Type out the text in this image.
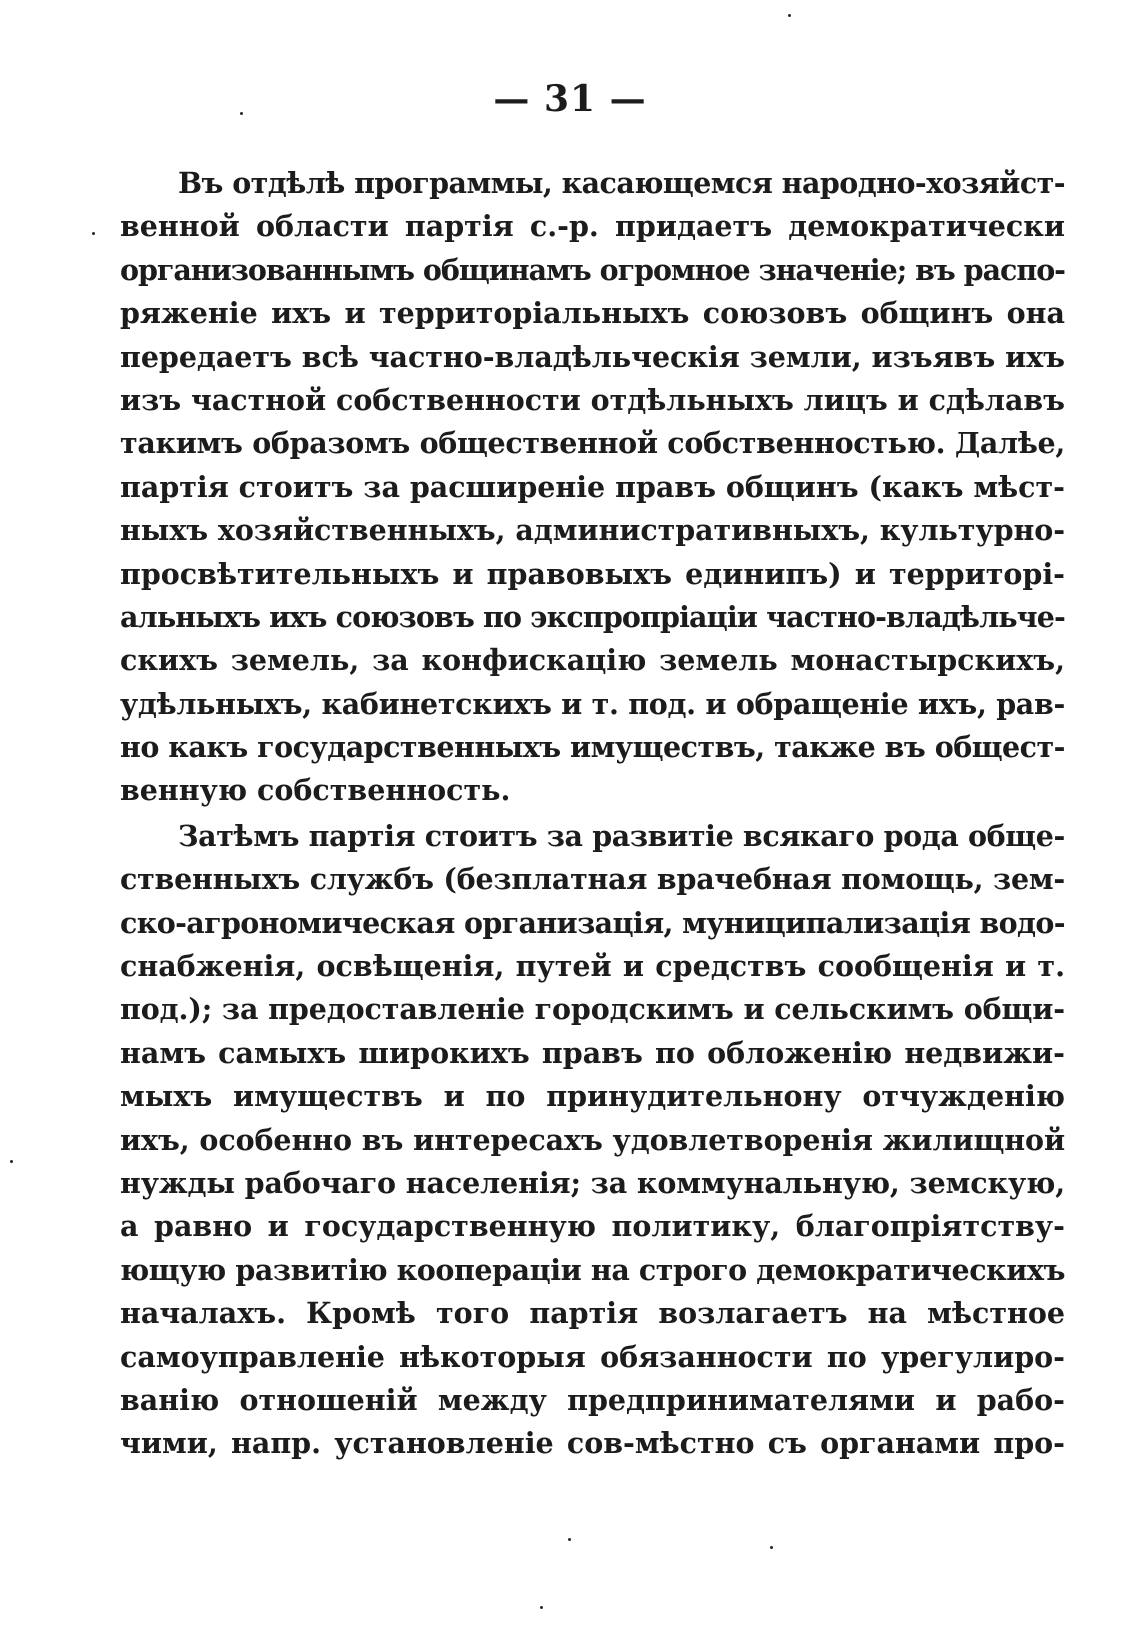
— 31 —
Въ отдѣлѣ программы, касающемся народно-хозяйст-
венной области партія с.-р. придаетъ демократически
организованнымъ общинамъ огромное значеніе; въ распо-
ряженіе ихъ и территоріальныхъ союзовъ общинъ она
передаетъ всѣ частно-владѣльческія земли, изъявъ ихъ
изъ частной собственности отдѣльныхъ лицъ и сдѣлавъ
такимъ образомъ общественной собственностью. Далѣе,
партія стоитъ за расширеніе правъ общинъ (какъ мѣст-
ныхъ хозяйственныхъ, административныхъ, культурно-
просвѣтительныхъ и правовыхъ единипъ) и территорі-
альныхъ ихъ союзовъ по экспропріаціи частно-владѣльче-
скихъ земель, за конфискацію земель монастырскихъ,
удѣльныхъ, кабинетскихъ и т. под. и обращеніе ихъ, рав-
но какъ государственныхъ имуществъ, также въ общест-
венную собственность.
Затѣмъ партія стоитъ за развитіе всякаго рода обще-
ственныхъ службъ (безплатная врачебная помощь, зем-
ско-агрономическая организація, муниципализація водо-
снабженія, освѣщенія, путей и средствъ сообщенія и т.
под.); за предоставленіе городскимъ и сельскимъ общи-
намъ самыхъ широкихъ правъ по обложенію недвижи-
мыхъ имуществъ и по принудительнону отчужденію
ихъ, особенно въ интересахъ удовлетворенія жилищной
нужды рабочаго населенія; за коммунальную, земскую,
а равно и государственную политику, благопріятству-
ющую развитію коопераціи на строго демократическихъ
началахъ. Кромѣ того партія возлагаетъ на мѣстное
самоуправленіе нѣкоторыя обязанности по урегулиро-
ванію отношеній между предпринимателями и рабо-
чими, напр. установленіе сов-мѣстно съ органами про-
